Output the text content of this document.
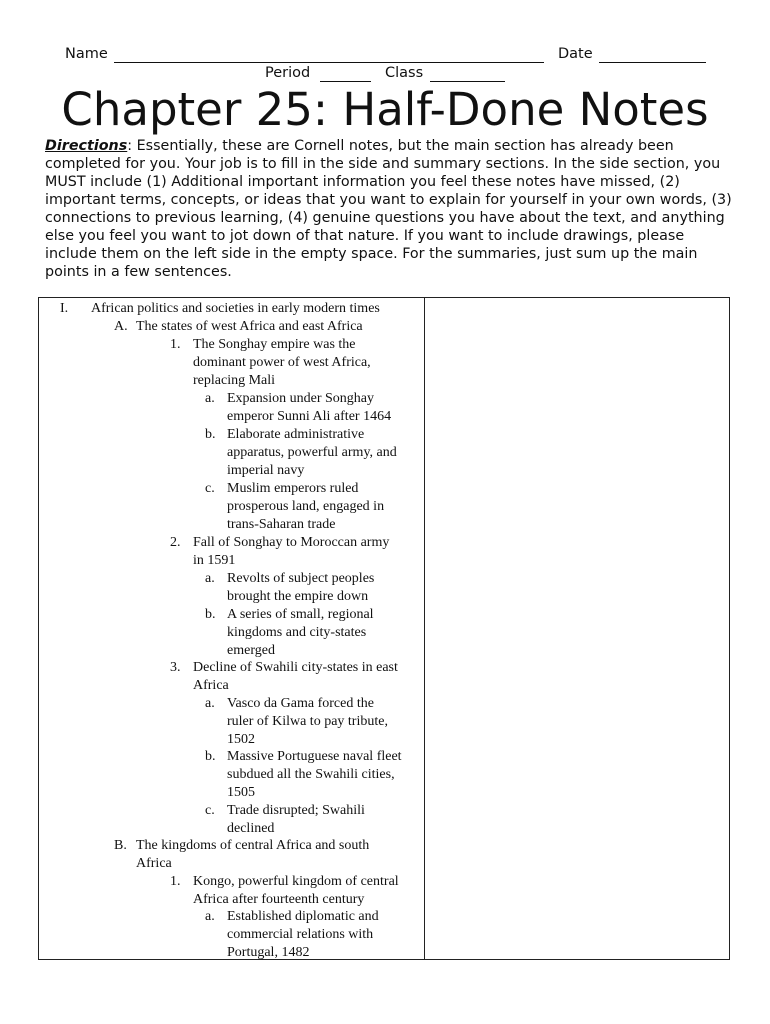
Name	Date
Period	Class
Chapter 25: Half-Done Notes
Directions: Essentially, these are Cornell notes, but the main section has already been completed for you. Your job is to fill in the side and summary sections. In the side section, you MUST include (1) Additional important information you feel these notes have missed, (2) important terms, concepts, or ideas that you want to explain for yourself in your own words, (3) connections to previous learning, (4) genuine questions you have about the text, and anything else you feel you want to jot down of that nature. If you want to include drawings, please include them on the left side in the empty space. For the summaries, just sum up the main points in a few sentences.
I. African politics and societies in early modern times
A. The states of west Africa and east Africa
1. The Songhay empire was the
dominant power of west Africa,
replacing Mali
a. Expansion under Songhay
emperor Sunni Ali after 1464
b. Elaborate administrative
apparatus, powerful army, and
imperial navy
c. Muslim emperors ruled
prosperous land, engaged in
trans-Saharan trade
2. Fall of Songhay to Moroccan army
in 1591
a. Revolts of subject peoples
brought the empire down
b. A series of small, regional
kingdoms and city-states
emerged
3. Decline of Swahili city-states in east
Africa
a. Vasco da Gama forced the
ruler of Kilwa to pay tribute,
1502
b. Massive Portuguese naval fleet
subdued all the Swahili cities,
1505
c. Trade disrupted; Swahili
declined
B. The kingdoms of central Africa and south
Africa
1. Kongo, powerful kingdom of central
Africa after fourteenth century
a. Established diplomatic and
commercial relations with
Portugal, 1482
